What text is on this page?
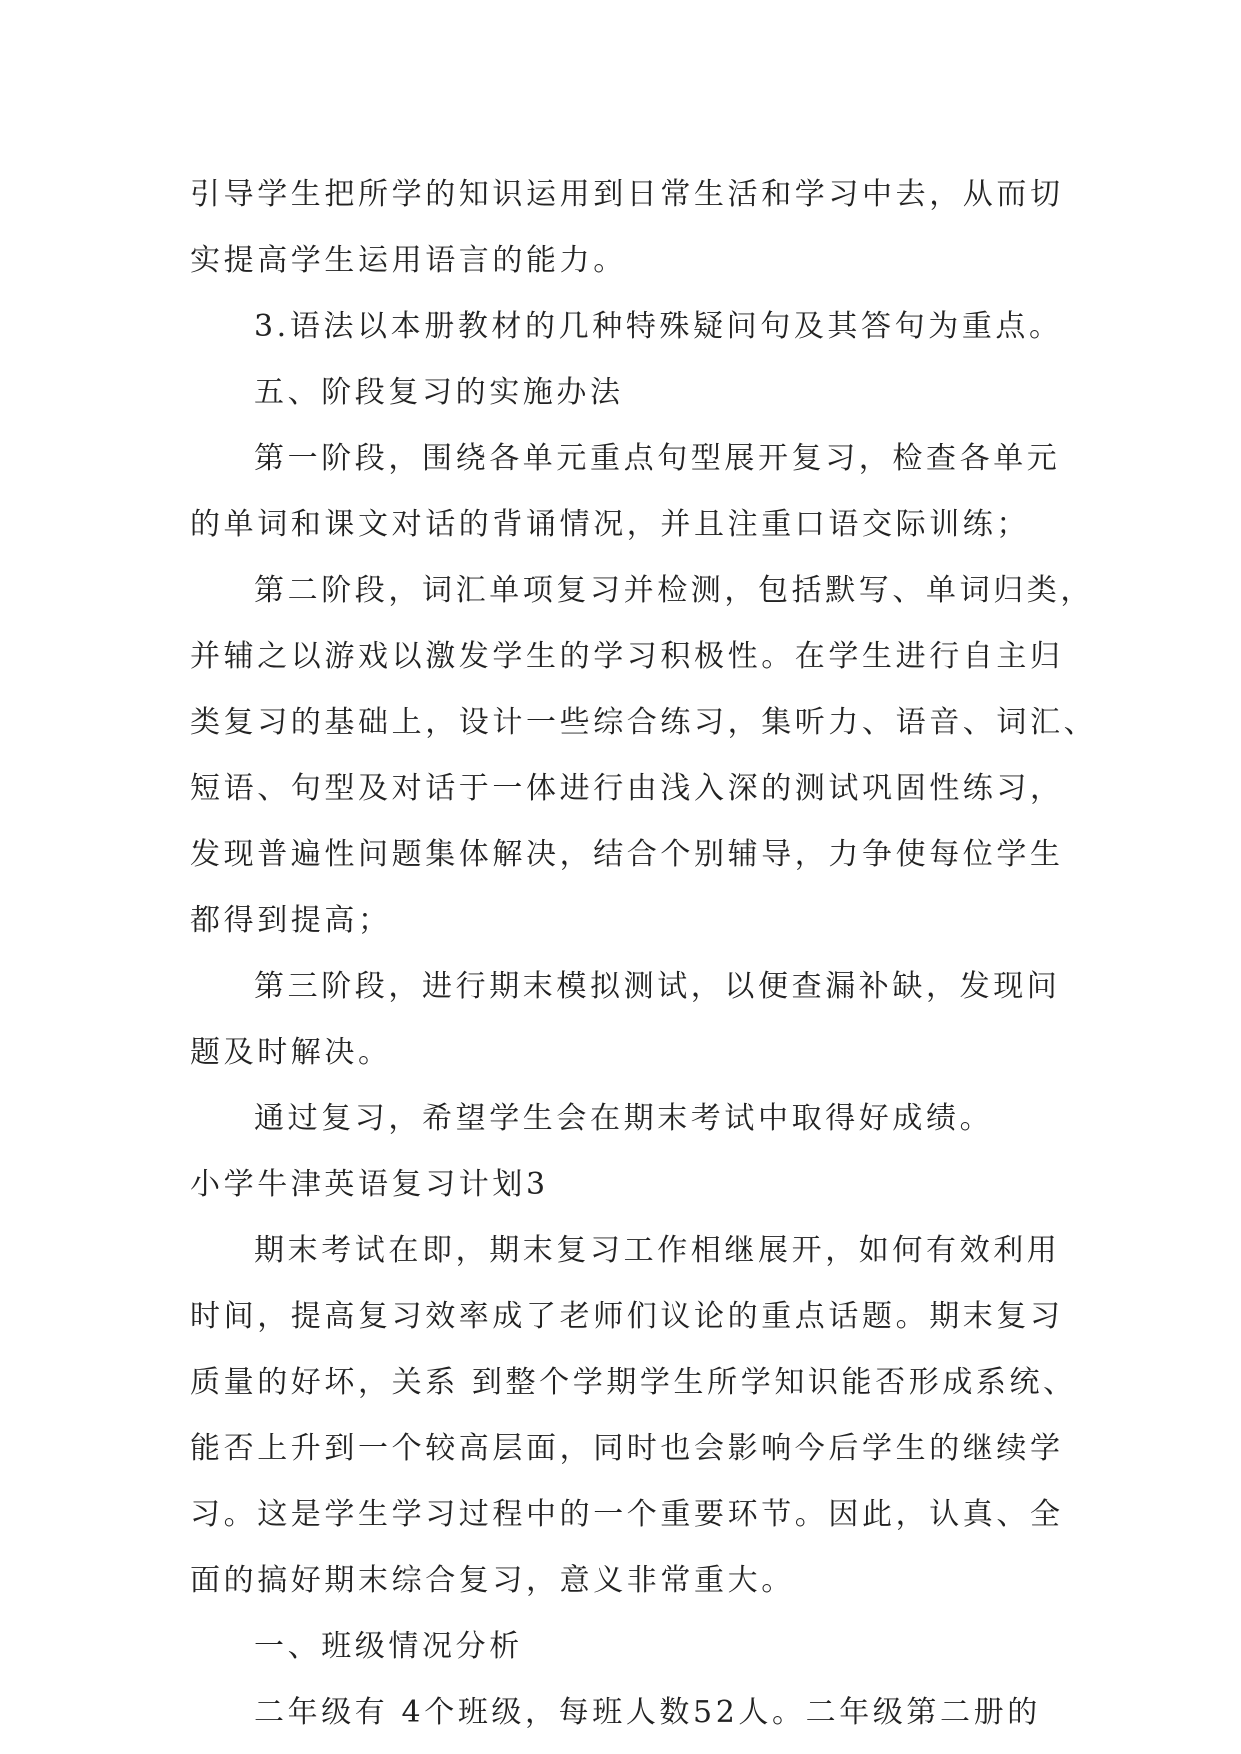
引导学生把所学的知识运用到日常生活和学习中去，从而切
实提高学生运用语言的能力。
3.语法以本册教材的几种特殊疑问句及其答句为重点。
五、阶段复习的实施办法
第一阶段，围绕各单元重点句型展开复习，检查各单元
的单词和课文对话的背诵情况，并且注重口语交际训练；
第二阶段，词汇单项复习并检测，包括默写、单词归类，
并辅之以游戏以激发学生的学习积极性。在学生进行自主归
类复习的基础上，设计一些综合练习，集听力、语音、词汇、
短语、句型及对话于一体进行由浅入深的测试巩固性练习，
发现普遍性问题集体解决，结合个别辅导，力争使每位学生
都得到提高；
第三阶段，进行期末模拟测试，以便查漏补缺，发现问
题及时解决。
通过复习，希望学生会在期末考试中取得好成绩。
小学牛津英语复习计划3
期末考试在即，期末复习工作相继展开，如何有效利用
时间，提高复习效率成了老师们议论的重点话题。期末复习
质量的好坏，关系 到整个学期学生所学知识能否形成系统、
能否上升到一个较高层面，同时也会影响今后学生的继续学
习。这是学生学习过程中的一个重要环节。因此，认真、全
面的搞好期末综合复习，意义非常重大。
一、班级情况分析
二年级有 4个班级，每班人数52人。二年级第二册的
